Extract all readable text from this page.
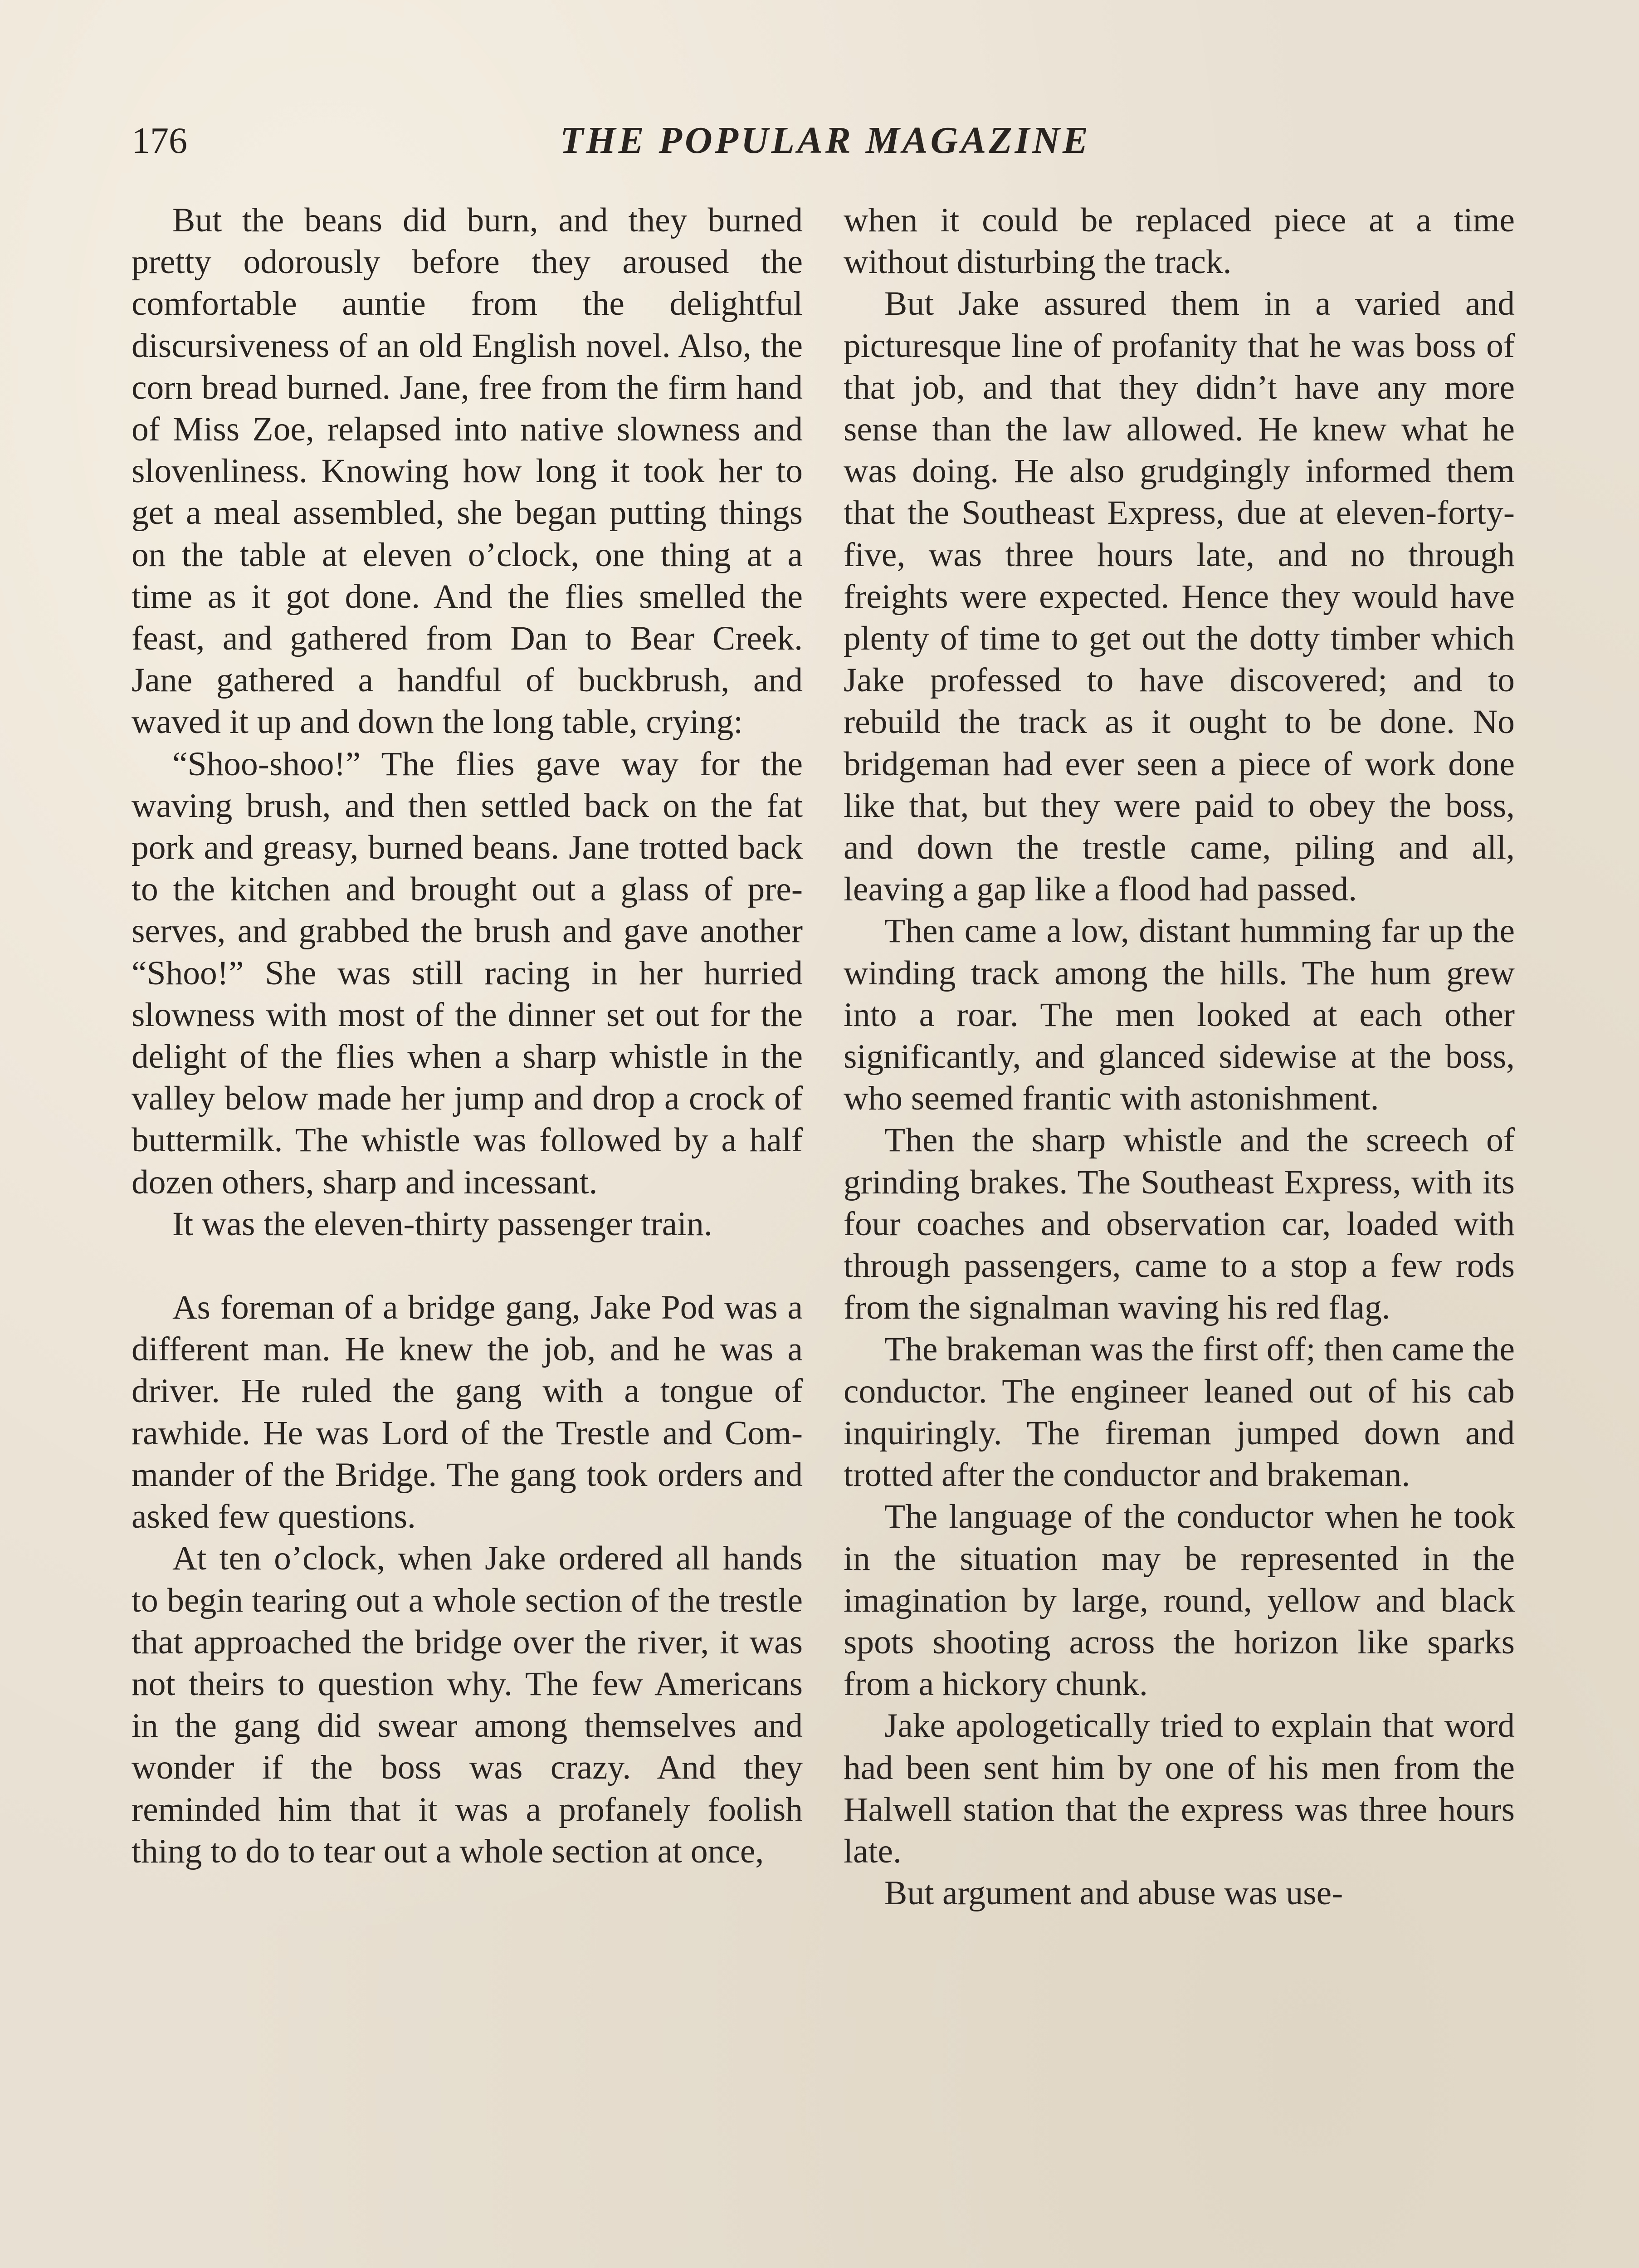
176	THE POPULAR MAGAZINE

But the beans did burn, and they burned pretty odorously before they aroused the comfortable auntie from the delightful discursiveness of an old English novel. Also, the corn bread burned. Jane, free from the firm hand of Miss Zoe, relapsed into native slowness and slovenliness. Knowing how long it took her to get a meal assembled, she began putting things on the table at eleven o’clock, one thing at a time as it got done. And the flies smelled the feast, and gathered from Dan to Bear Creek. Jane gathered a handful of buckbrush, and waved it up and down the long table, crying:

“Shoo-shoo!” The flies gave way for the waving brush, and then settled back on the fat pork and greasy, burned beans. Jane trotted back to the kitchen and brought out a glass of preserves, and grabbed the brush and gave another “Shoo!” She was still racing in her hurried slowness with most of the dinner set out for the delight of the flies when a sharp whistle in the valley below made her jump and drop a crock of buttermilk. The whistle was followed by a half dozen others, sharp and incessant.

It was the eleven-thirty passenger train.

As foreman of a bridge gang, Jake Pod was a different man. He knew the job, and he was a driver. He ruled the gang with a tongue of rawhide. He was Lord of the Trestle and Commander of the Bridge. The gang took orders and asked few questions.

At ten o’clock, when Jake ordered all hands to begin tearing out a whole section of the trestle that approached the bridge over the river, it was not theirs to question why. The few Americans in the gang did swear among themselves and wonder if the boss was crazy. And they reminded him that it was a profanely foolish thing to do to tear out a whole section at once,

when it could be replaced piece at a time without disturbing the track.

But Jake assured them in a varied and picturesque line of profanity that he was boss of that job, and that they didn’t have any more sense than the law allowed. He knew what he was doing. He also grudgingly informed them that the Southeast Express, due at eleven-forty-five, was three hours late, and no through freights were expected. Hence they would have plenty of time to get out the dotty timber which Jake professed to have discovered; and to rebuild the track as it ought to be done. No bridgeman had ever seen a piece of work done like that, but they were paid to obey the boss, and down the trestle came, piling and all, leaving a gap like a flood had passed.

Then came a low, distant humming far up the winding track among the hills. The hum grew into a roar. The men looked at each other significantly, and glanced sidewise at the boss, who seemed frantic with astonishment.

Then the sharp whistle and the screech of grinding brakes. The Southeast Express, with its four coaches and observation car, loaded with through passengers, came to a stop a few rods from the signalman waving his red flag.

The brakeman was the first off; then came the conductor. The engineer leaned out of his cab inquiringly. The fireman jumped down and trotted after the conductor and brakeman.

The language of the conductor when he took in the situation may be represented in the imagination by large, round, yellow and black spots shooting across the horizon like sparks from a hickory chunk.

Jake apologetically tried to explain that word had been sent him by one of his men from the Halwell station that the express was three hours late.

But argument and abuse was use-
